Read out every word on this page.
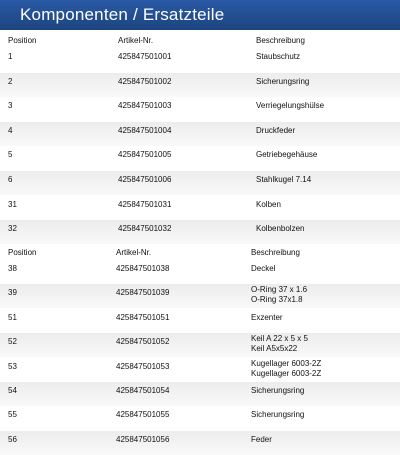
Komponenten / Ersatzteile
Position	Artikel-Nr.	Beschreibung
1	425847501001	Staubschutz
2	425847501002	Sicherungsring
3	425847501003	Verriegelungshülse
4	425847501004	Druckfeder
5	425847501005	Getriebegehäuse
6	425847501006	Stahlkugel 7.14
31	425847501031	Kolben
32	425847501032	Kolbenbolzen
Position	Artikel-Nr.	Beschreibung
38	425847501038	Deckel
39	425847501039	O-Ring 37 x 1.6
O-Ring 37x1.8
51	425847501051	Exzenter
52	425847501052	Keil A 22 x 5 x 5
Keil A5x5x22
53	425847501053	Kugellager 6003-2Z
Kugellager 6003-2Z
54	425847501054	Sicherungsring
55	425847501055	Sicherungsring
56	425847501056	Feder
